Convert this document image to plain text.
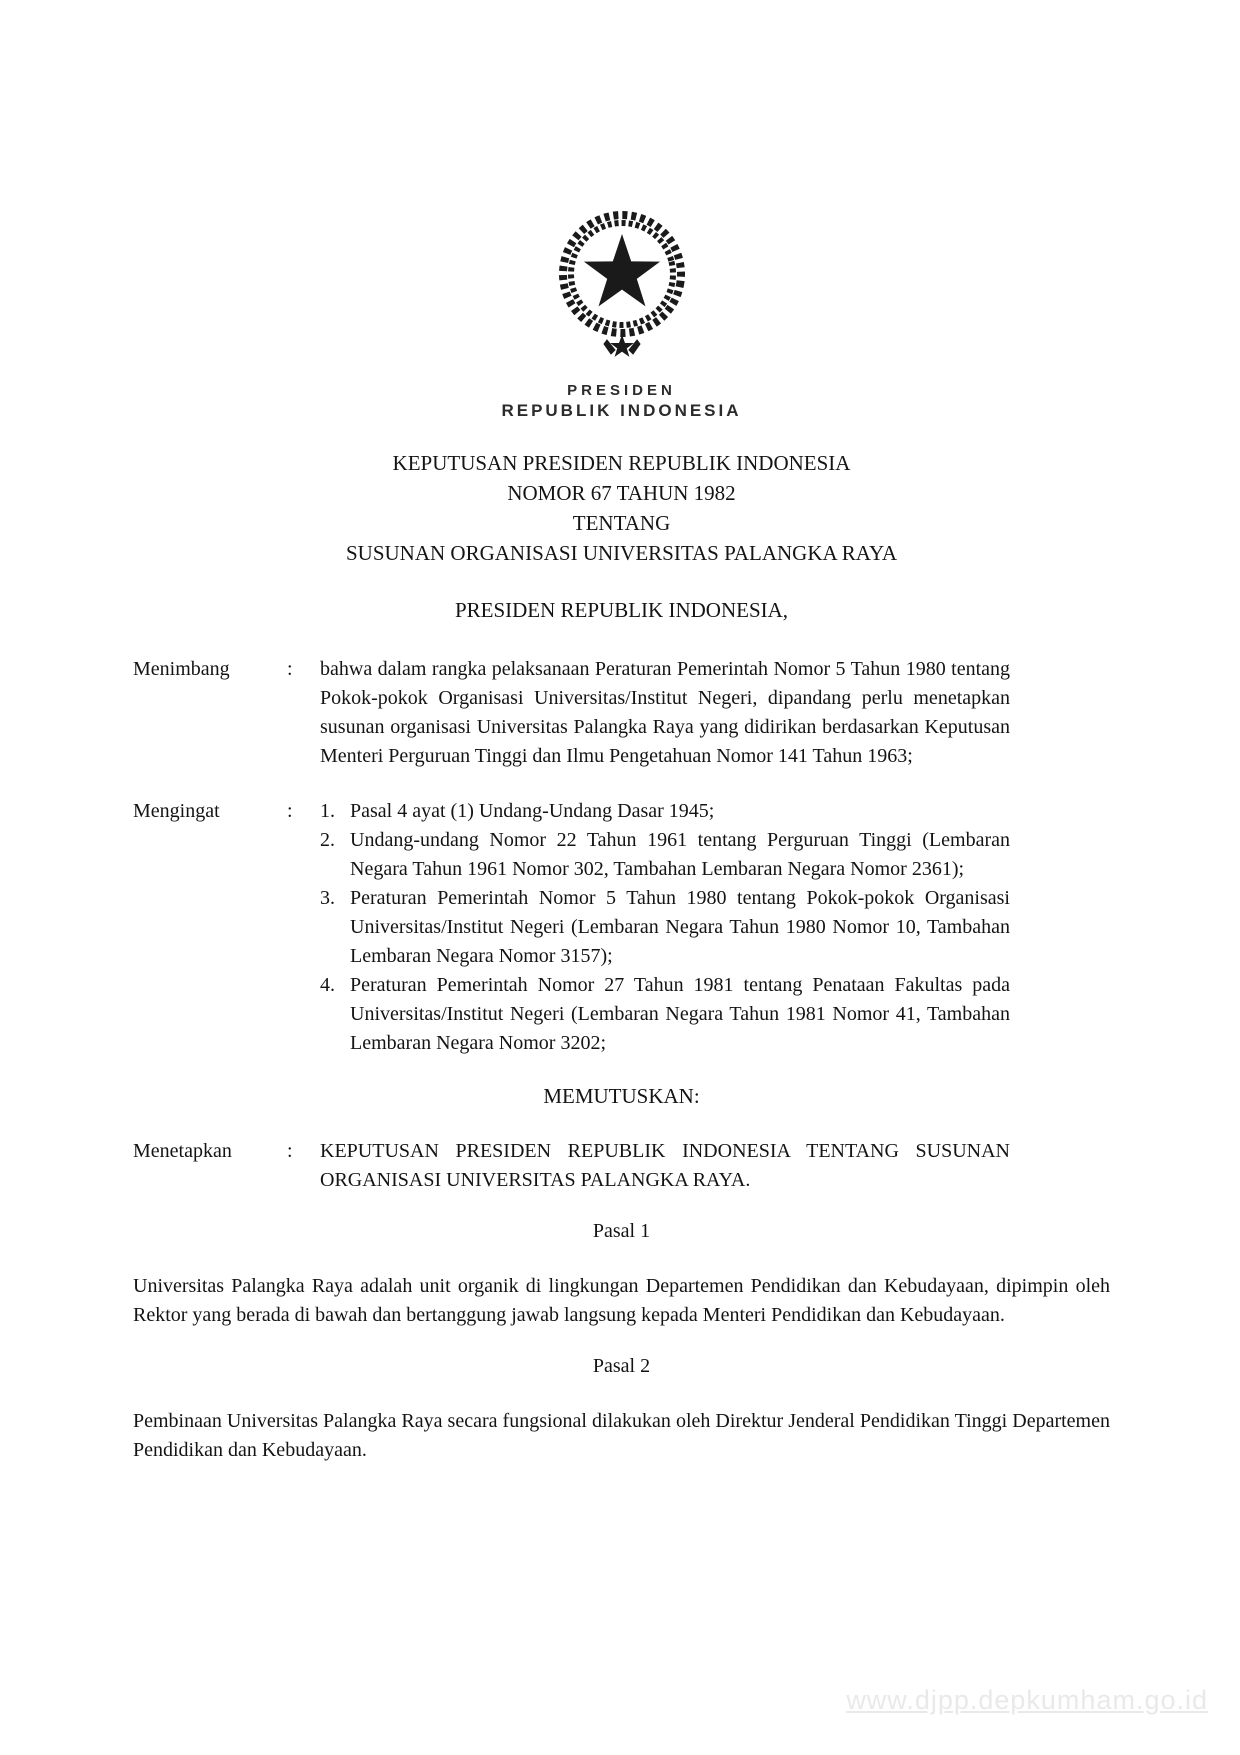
PRESIDEN
REPUBLIK INDONESIA
KEPUTUSAN PRESIDEN REPUBLIK INDONESIA
NOMOR 67 TAHUN 1982
TENTANG
SUSUNAN ORGANISASI UNIVERSITAS PALANGKA RAYA
PRESIDEN REPUBLIK INDONESIA,
Menimbang	:	bahwa dalam rangka pelaksanaan Peraturan Pemerintah Nomor 5 Tahun 1980 tentang Pokok-pokok Organisasi Universitas/Institut Negeri, dipandang perlu menetapkan susunan organisasi Universitas Palangka Raya yang didirikan berdasarkan Keputusan Menteri Perguruan Tinggi dan Ilmu Pengetahuan Nomor 141 Tahun 1963;
Mengingat	:	Pasal 4 ayat (1) Undang-Undang Dasar 1945;
Undang-undang Nomor 22 Tahun 1961 tentang Perguruan Tinggi (Lembaran Negara Tahun 1961 Nomor 302, Tambahan Lembaran Negara Nomor 2361);
Peraturan Pemerintah Nomor 5 Tahun 1980 tentang Pokok-pokok Organisasi Universitas/Institut Negeri (Lembaran Negara Tahun 1980 Nomor 10, Tambahan Lembaran Negara Nomor 3157);
Peraturan Pemerintah Nomor 27 Tahun 1981 tentang Penataan Fakultas pada Universitas/Institut Negeri (Lembaran Negara Tahun 1981 Nomor 41, Tambahan Lembaran Negara Nomor 3202;
MEMUTUSKAN:
Menetapkan	:	KEPUTUSAN PRESIDEN REPUBLIK INDONESIA TENTANG SUSUNAN ORGANISASI UNIVERSITAS PALANGKA RAYA.
Pasal 1
Universitas Palangka Raya adalah unit organik di lingkungan Departemen Pendidikan dan Kebudayaan, dipimpin oleh Rektor yang berada di bawah dan bertanggung jawab langsung kepada Menteri Pendidikan dan Kebudayaan.
Pasal 2
Pembinaan Universitas Palangka Raya secara fungsional dilakukan oleh Direktur Jenderal Pendidikan Tinggi Departemen Pendidikan dan Kebudayaan.
www.djpp.depkumham.go.id
